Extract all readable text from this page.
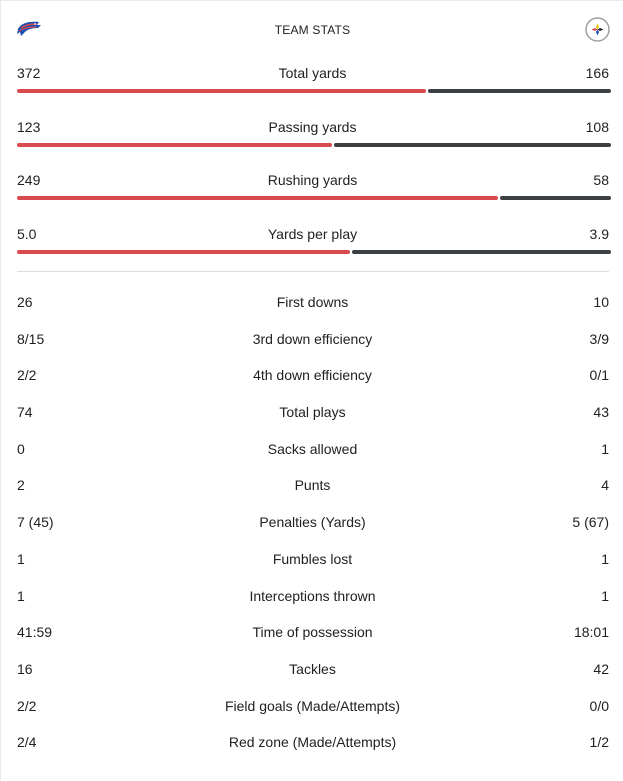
TEAM STATS
372	Total yards	166
123	Passing yards	108
249	Rushing yards	58
5.0	Yards per play	3.9
26	First downs	10
8/15	3rd down efficiency	3/9
2/2	4th down efficiency	0/1
74	Total plays	43
0	Sacks allowed	1
2	Punts	4
7 (45)	Penalties (Yards)	5 (67)
1	Fumbles lost	1
1	Interceptions thrown	1
41:59	Time of possession	18:01
16	Tackles	42
2/2	Field goals (Made/Attempts)	0/0
2/4	Red zone (Made/Attempts)	1/2
